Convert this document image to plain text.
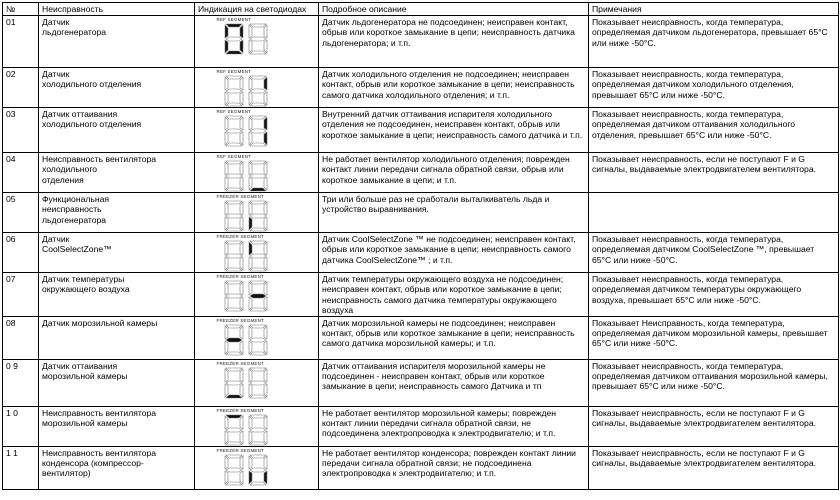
№	Неисправность	Индикация на светодиодах	Подробное описание	Примечания
01	Датчик
льдогенератора	REF SEGMENT	Датчик льдогенератора не подсоединен; неисправен контакт, обрыв или короткое замыкание в цепи; неисправность датчика льдогенератора; и т.п.	Показывает неисправность, когда температура, определяемая датчиком льдогенератора, превышает 65°C или ниже -50°C.
02	Датчик
холодильного отделения	REF SEGMENT	Датчик холодильного отделения не подсоединен; неисправен контакт, обрыв или короткое замыкание в цепи; неисправность самого датчика холодильного отделения; и т.п.	Показывает неисправность, когда температура, определяемая датчиком холодильного отделения, превышает 65°C или ниже -50°C.
03	Датчик оттаивания
холодильного отделения	REF SEGMENT	Внутренний датчик оттаивания испарителя холодильного отделения не подсоединен, неисправен контакт, обрыв или короткое замыкание в цепи; неисправность самого датчика и т.п.	Показывает неисправность, когда температура, определяемая датчиком оттаивания холодильного отделения, превышает 65°C или ниже -50°C.
04	Неисправность вентилятора
холодильного
отделения	REF SEGMENT	Не работает вентилятор холодильного отделения; поврежден контакт линии передачи сигнала обратной связи, обрыв или короткое замыкание в цепи; и т.п.	Показывает неисправность, если не поступают F и G сигналы, выдаваемые электродвигателем вентилятора.
05	Функциональная
неисправность
льдогенератора	FREEZER SEGMENT	Три или больше раз не сработали выталкиватель льда и устройство выравнивания.	
06	Датчик
CoolSelectZone™	FREEZER SEGMENT	Датчик CoolSelectZone ™ не подсоединен; неисправен контакт, обрыв или короткое замыкание в цепи; неисправность самого датчика CoolSelectZone™ ; и т.п.	Показывает неисправность, когда температура, определяемая датчиком CoolSelectZone ™, превышает 65°C или ниже -50°C.
07	Датчик температуры
окружающего воздуха	FREEZER SEGMENT	Датчик температуры окружающего воздуха не подсоединен; неисправен контакт, обрыв или короткое замыкание в цепи; неисправность самого датчика температуры окружающего воздуха	Показывает неисправность, когда температура, определяемая датчиком температуры окружающего воздуха, превышает 65°C или ниже -50°C.
08	Датчик морозильной камеры	FREEZER SEGMENT	Датчик морозильной камеры не подсоединен; неисправен контакт, обрыв или короткое замыкание в цепи; неисправность самого датчика морозильной камеры; и т.п.	Показывает Неисправность, когда температура, определяемая датчиком морозильной камеры, превышает 65°C или ниже -50°C.
0 9	Датчик оттаивания
морозильной камеры	FREEZER SEGMENT	Датчик оттаивания испарителя морозильной камеры не подсоединен - неисправен контакт, обрыв или короткое замыкание в цепи; неисправность самого Датчика и тп	Показывает неисправность, когда температура, определяемая датчиком оттаивания морозильной камеры, превышает 65°C или ниже -50°C.
1 0	Неисправность вентилятора
морозильной камеры	FREEZER SEGMENT	Не работает вентилятор морозильной камеры; поврежден контакт линии передачи сигнала обратной связи, не подсоединена электропроводка к электродвигателю; и т.п.	Показывает неисправность, если не поступают F и G сигналы, выдаваемые электродвигателем вентилятора.
1 1	Неисправность вентилятора
конденсора (компрессор-
вентилятор)	FREEZER SEGMENT	Не работает вентилятор конденсора; поврежден контакт линии передачи сигнала обратной связи; не подсоединена электропроводка к электродвигателю; и т.п.	Показывает неисправность, если не поступают F и G сигналы, выдаваемые электродвигателем вентилятора.
